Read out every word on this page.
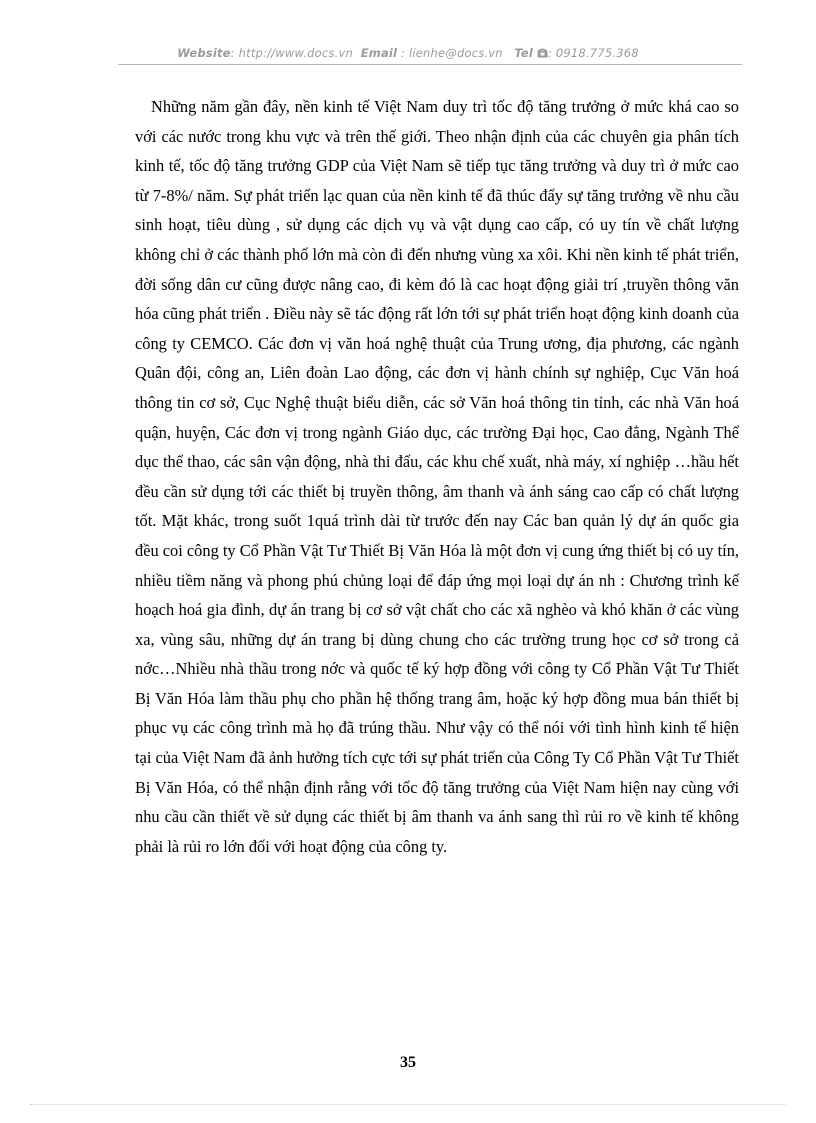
Website: http://www.docs.vn Email : lienhe@docs.vn Tel : 0918.775.368

Những năm gần đây, nền kinh tế Việt Nam duy trì tốc độ tăng trưởng ở mức khá cao so với các nước trong khu vực và trên thế giới. Theo nhận định của các chuyên gia phân tích kinh tế, tốc độ tăng trưởng GDP của Việt Nam sẽ tiếp tục tăng trưởng và duy trì ở mức cao từ 7-8%/ năm. Sự phát triển lạc quan của nền kinh tế đã thúc đẩy sự tăng trưởng về nhu cầu sinh hoạt, tiêu dùng , sử dụng các dịch vụ và vật dụng cao cấp, có uy tín về chất lượng không chỉ ở các thành phố lớn mà còn đi đến nhưng vùng xa xôi. Khi nền kinh tế phát triển, đời sống dân cư cũng được nâng cao, đi kèm đó là cac hoạt động giải trí ,truyền thông văn hóa cũng phát triển . Điều này sẽ tác động rất lớn tới sự phát triển hoạt động kinh doanh của công ty CEMCO. Các đơn vị văn hoá nghệ thuật của Trung ương, địa phương, các ngành Quân đội, công an, Liên đoàn Lao động, các đơn vị hành chính sự nghiệp, Cục Văn hoá thông tin cơ sở, Cục Nghệ thuật biểu diễn, các sở Văn hoá thông tin tỉnh, các nhà Văn hoá quận, huyện, Các đơn vị trong ngành Giáo dục, các trường Đại học, Cao đẳng, Ngành Thể dục thể thao, các sân vận động, nhà thi đấu, các khu chế xuất, nhà máy, xí nghiệp …hầu hết đều cần sử dụng tới các thiết bị truyền thông, âm thanh và ánh sáng cao cấp có chất lượng tốt. Mặt khác, trong suốt 1quá trình dài từ trước đến nay Các ban quản lý dự án quốc gia đều coi công ty Cổ Phần Vật Tư Thiết Bị Văn Hóa là một đơn vị cung ứng thiết bị có uy tín, nhiều tiềm năng và phong phú chủng loại để đáp ứng mọi loại dự án nh : Chương trình kế hoạch hoá gia đình, dự án trang bị cơ sở vật chất cho các xã nghèo và khó khăn ở các vùng xa, vùng sâu, những dự án trang bị dùng chung cho các trường trung học cơ sở trong cả nớc…Nhiều nhà thầu trong nớc và quốc tế ký hợp đồng với công ty Cổ Phần Vật Tư Thiết Bị Văn Hóa làm thầu phụ cho phần hệ thống trang âm, hoặc ký hợp đồng mua bán thiết bị phục vụ các công trình mà họ đã trúng thầu. Như vậy có thể nói với tình hình kinh tế hiện tại của Việt Nam đã ảnh hưởng tích cực tới sự phát triển của Công Ty Cổ Phần Vật Tư Thiết Bị Văn Hóa, có thể nhận định rằng với tốc độ tăng trưởng của Việt Nam hiện nay cùng với nhu cầu cần thiết về sử dụng các thiết bị âm thanh va ánh sang thì rủi ro về kinh tế không phải là rủi ro lớn đối với hoạt động của công ty.

35
